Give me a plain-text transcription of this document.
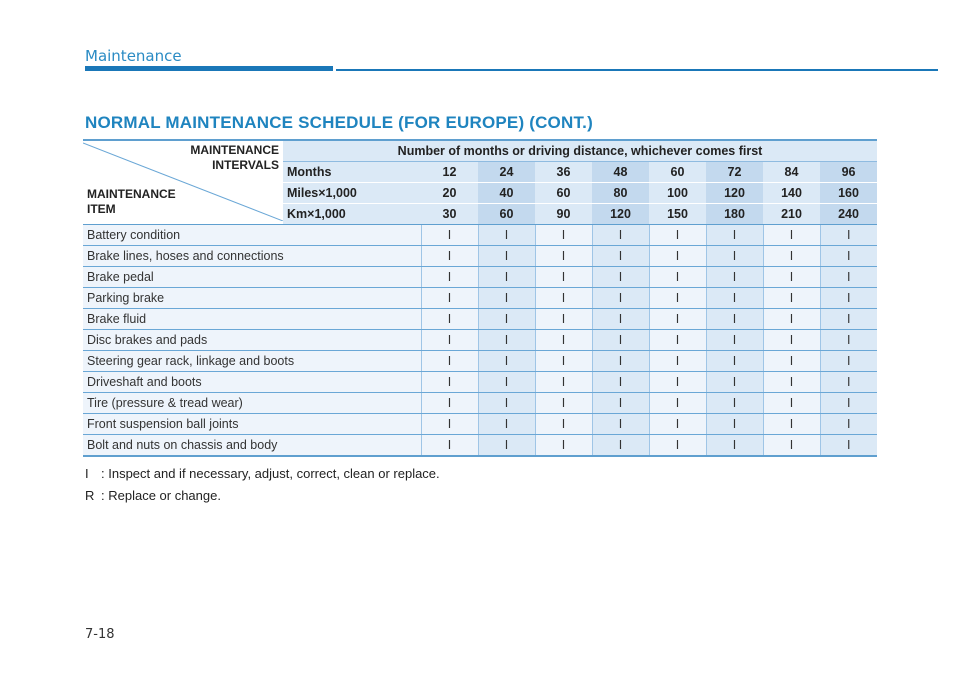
Maintenance
NORMAL MAINTENANCE SCHEDULE (FOR EUROPE) (CONT.)
MAINTENANCE
INTERVALS
MAINTENANCE
ITEM	Number of months or driving distance, whichever comes first								
	Months	12	24	36	48	60	72	84	96
	Miles×1,000	20	40	60	80	100	120	140	160
	Km×1,000	30	60	90	120	150	180	210	240
Battery condition		I	I	I	I	I	I	I	I
Brake lines, hoses and connections		I	I	I	I	I	I	I	I
Brake pedal		I	I	I	I	I	I	I	I
Parking brake		I	I	I	I	I	I	I	I
Brake fluid		I	I	I	I	I	I	I	I
Disc brakes and pads		I	I	I	I	I	I	I	I
Steering gear rack, linkage and boots		I	I	I	I	I	I	I	I
Driveshaft and boots		I	I	I	I	I	I	I	I
Tire (pressure & tread wear)		I	I	I	I	I	I	I	I
Front suspension ball joints		I	I	I	I	I	I	I	I
Bolt and nuts on chassis and body		I	I	I	I	I	I	I	I
I : Inspect and if necessary, adjust, correct, clean or replace.
R : Replace or change.
7-18
